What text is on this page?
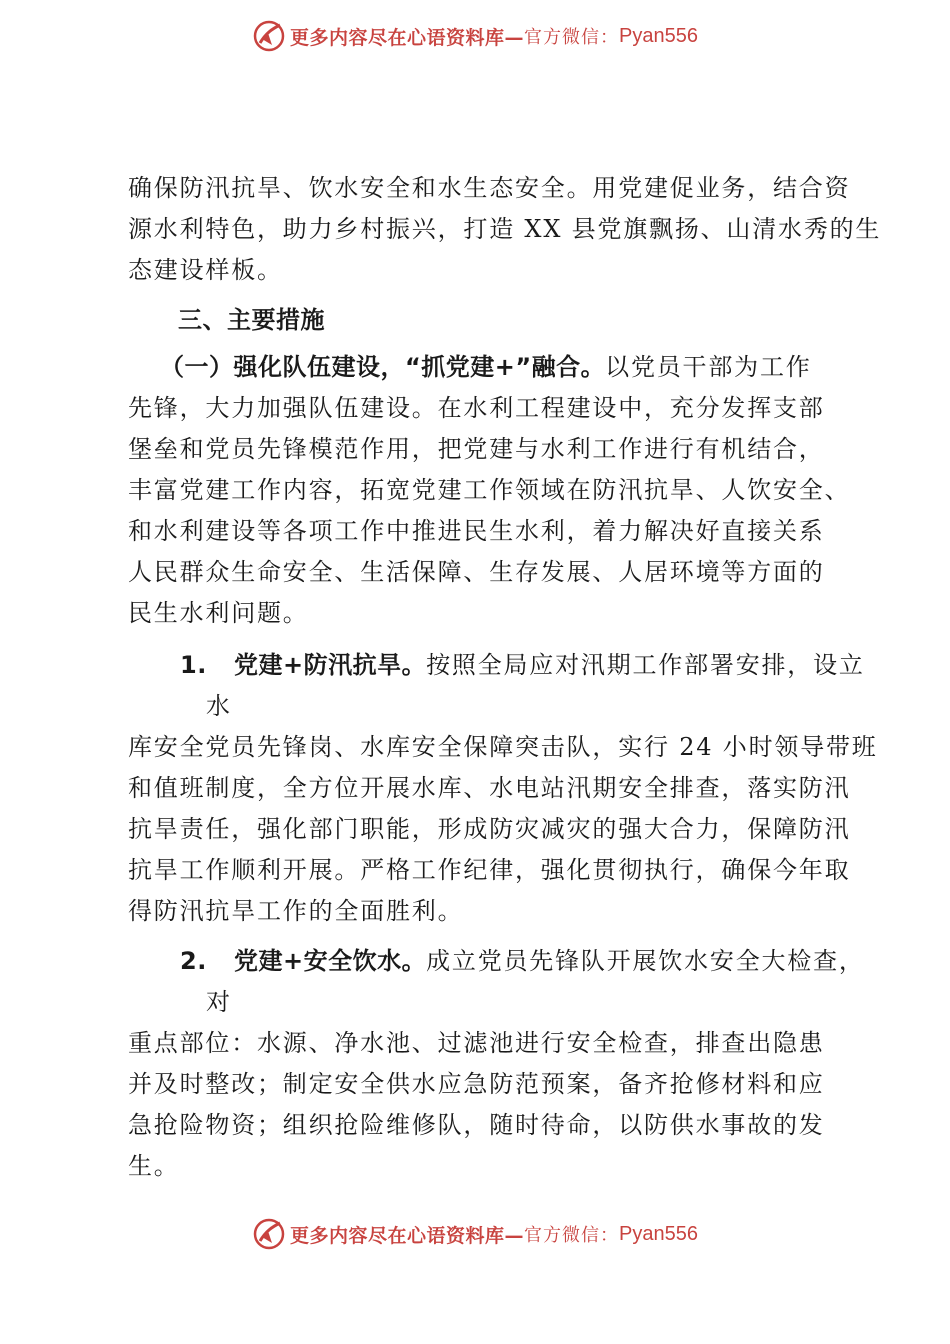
更多内容尽在心语资料库— 官方微信： Pyan556
确保防汛抗旱、饮水安全和水生态安全。用党建促业务，结合资
源水利特色，助力乡村振兴，打造 XX 县党旗飘扬、山清水秀的生
态建设样板。
三、主要措施
（一）强化队伍建设，“抓党建+”融合。以党员干部为工作
先锋，大力加强队伍建设。在水利工程建设中，充分发挥支部
堡垒和党员先锋模范作用，把党建与水利工作进行有机结合，
丰富党建工作内容，拓宽党建工作领域在防汛抗旱、人饮安全、
和水利建设等各项工作中推进民生水利，着力解决好直接关系
人民群众生命安全、生活保障、生存发展、人居环境等方面的
民生水利问题。
1. 党建+防汛抗旱。按照全局应对汛期工作部署安排，设立
水
库安全党员先锋岗、水库安全保障突击队，实行 24 小时领导带班
和值班制度，全方位开展水库、水电站汛期安全排查，落实防汛
抗旱责任，强化部门职能，形成防灾减灾的强大合力，保障防汛
抗旱工作顺利开展。严格工作纪律，强化贯彻执行，确保今年取
得防汛抗旱工作的全面胜利。
2. 党建+安全饮水。成立党员先锋队开展饮水安全大检查，
对
重点部位：水源、净水池、过滤池进行安全检查，排查出隐患
并及时整改；制定安全供水应急防范预案，备齐抢修材料和应
急抢险物资；组织抢险维修队，随时待命，以防供水事故的发
生。
更多内容尽在心语资料库— 官方微信： Pyan556
